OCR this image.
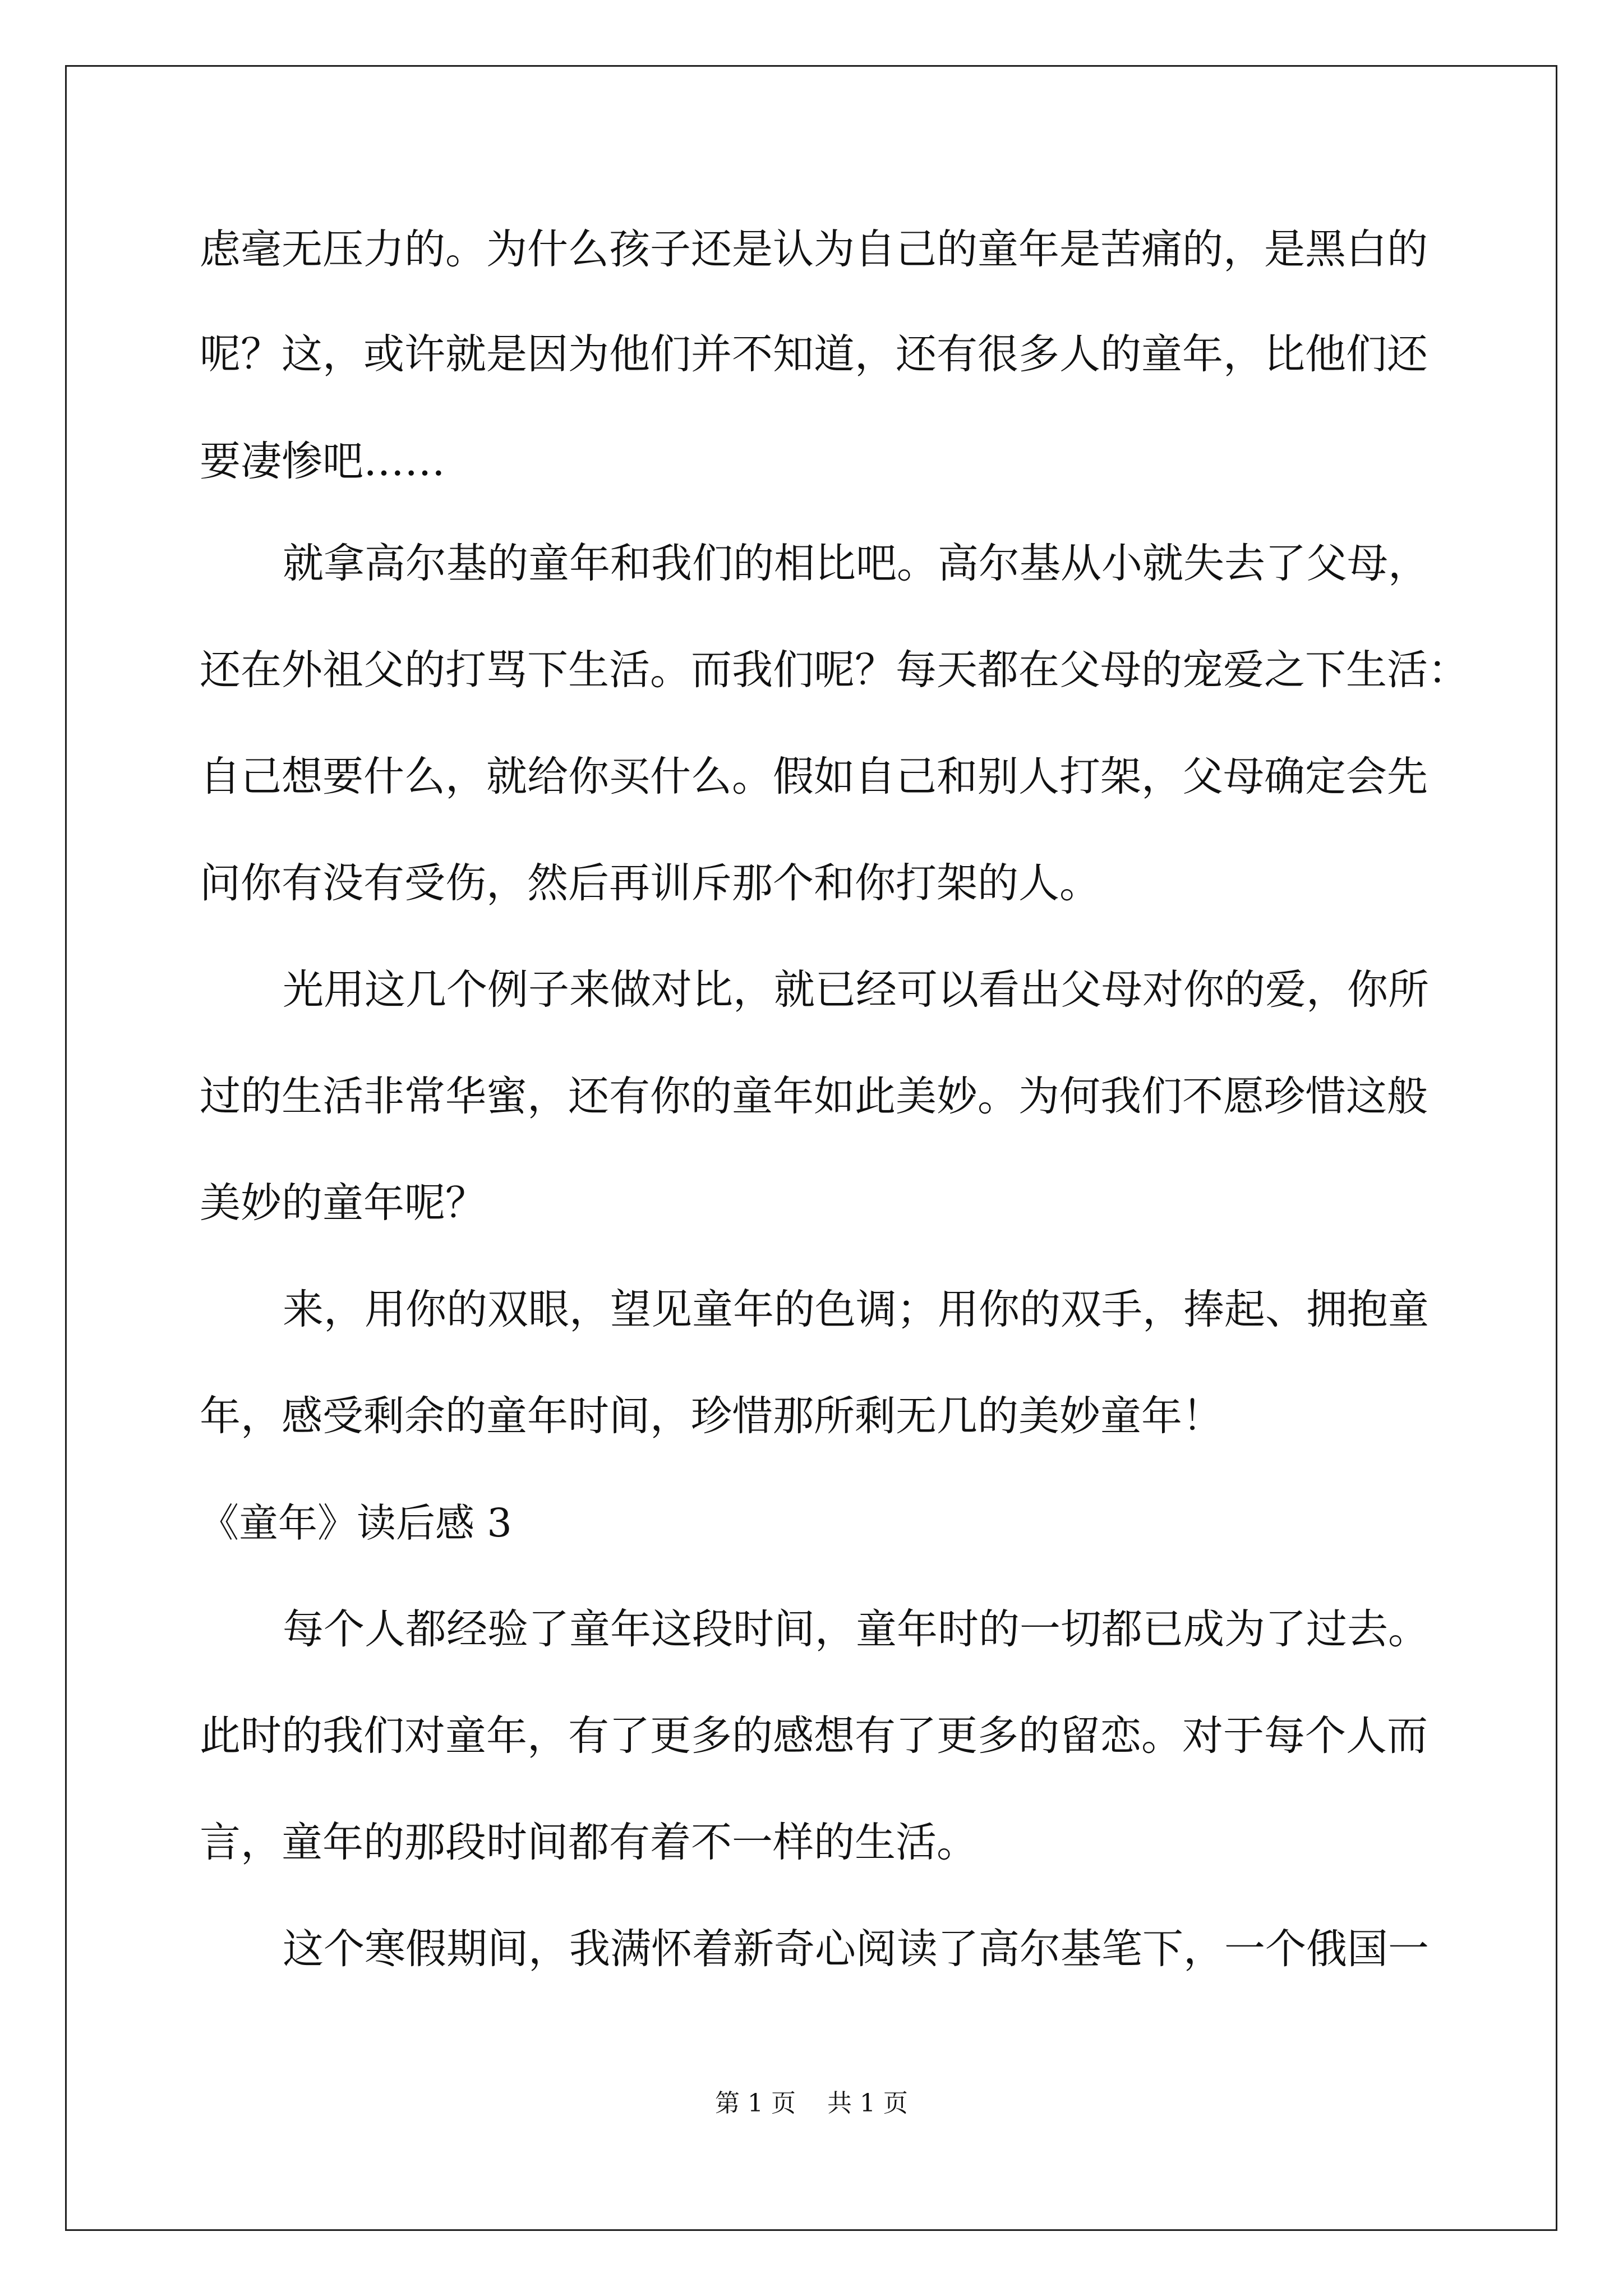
虑毫无压力的。为什么孩子还是认为自己的童年是苦痛的，是黑白的
呢？这，或许就是因为他们并不知道，还有很多人的童年，比他们还
要凄惨吧……
就拿高尔基的童年和我们的相比吧。高尔基从小就失去了父母，
还在外祖父的打骂下生活。而我们呢？每天都在父母的宠爱之下生活：
自己想要什么，就给你买什么。假如自己和别人打架，父母确定会先
问你有没有受伤，然后再训斥那个和你打架的人。
光用这几个例子来做对比，就已经可以看出父母对你的爱，你所
过的生活非常华蜜，还有你的童年如此美妙。为何我们不愿珍惜这般
美妙的童年呢？
来，用你的双眼，望见童年的色调；用你的双手，捧起、拥抱童
年，感受剩余的童年时间，珍惜那所剩无几的美妙童年！
《童年》读后感 3
每个人都经验了童年这段时间，童年时的一切都已成为了过去。
此时的我们对童年，有了更多的感想有了更多的留恋。对于每个人而
言，童年的那段时间都有着不一样的生活。
这个寒假期间，我满怀着新奇心阅读了高尔基笔下，一个俄国一
第 1 页    共 1 页
